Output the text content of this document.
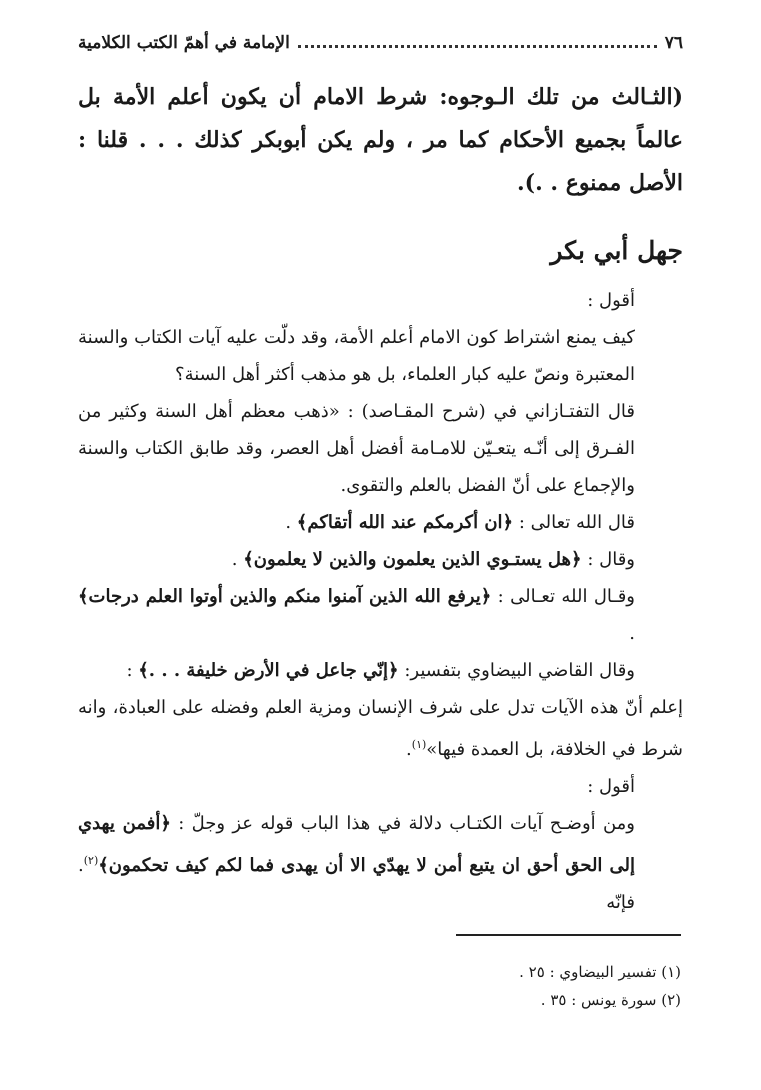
٧٦
الإمامة في أهمّ الكتب الكلامية
(الثـالث من تلك الـوجوه: شرط الامام أن يكون أعلم الأمة بل عالماً بجميع الأحكام كما مر ، ولم يكن أبوبكر كذلك . . . قلنا : الأصل ممنوع . .).
جهل أبي بكر
أقول :
كيف يمنع اشتراط كون الامام أعلم الأمة، وقد دلّت عليه آيات الكتاب والسنة المعتبرة ونصّ عليه كبار العلماء، بل هو مذهب أكثر أهل السنة؟
قال التفتـازاني في (شرح المقـاصد) : «ذهب معظم أهل السنة وكثير من الفـرق إلى أنّـه يتعـيّن للامـامة أفضل أهل العصر، وقد طابق الكتاب والسنة والإجماع على أنّ الفضل بالعلم والتقوى.
قال الله تعالى : ﴿ان أكرمكم عند الله أتقاكم﴾ .
وقال : ﴿هل يستـوي الذين يعلمون والذين لا يعلمون﴾ .
وقـال الله تعـالى : ﴿يرفع الله الذين آمنوا منكم والذين أوتوا العلم درجات﴾ .
وقال القاضي البيضاوي بتفسير: ﴿إنّي جاعل في الأرض خليفة . . .﴾ :
إعلم أنّ هذه الآيات تدل على شرف الإنسان ومزية العلم وفضله على العبادة، وانه شرط في الخلافة، بل العمدة فيها»$^{(١)}$.
أقول :
ومن أوضـح آيات الكتـاب دلالة في هذا الباب قوله عز وجلّ : ﴿أفمن يهدي إلى الحق أحق ان يتبع أمن لا يهدّي الا أن يهدى فما لكم كيف تحكمون﴾$^{(٢)}$. فإنّه
(١) تفسير البيضاوي : ٢٥ .
(٢) سورة يونس : ٣٥ .
